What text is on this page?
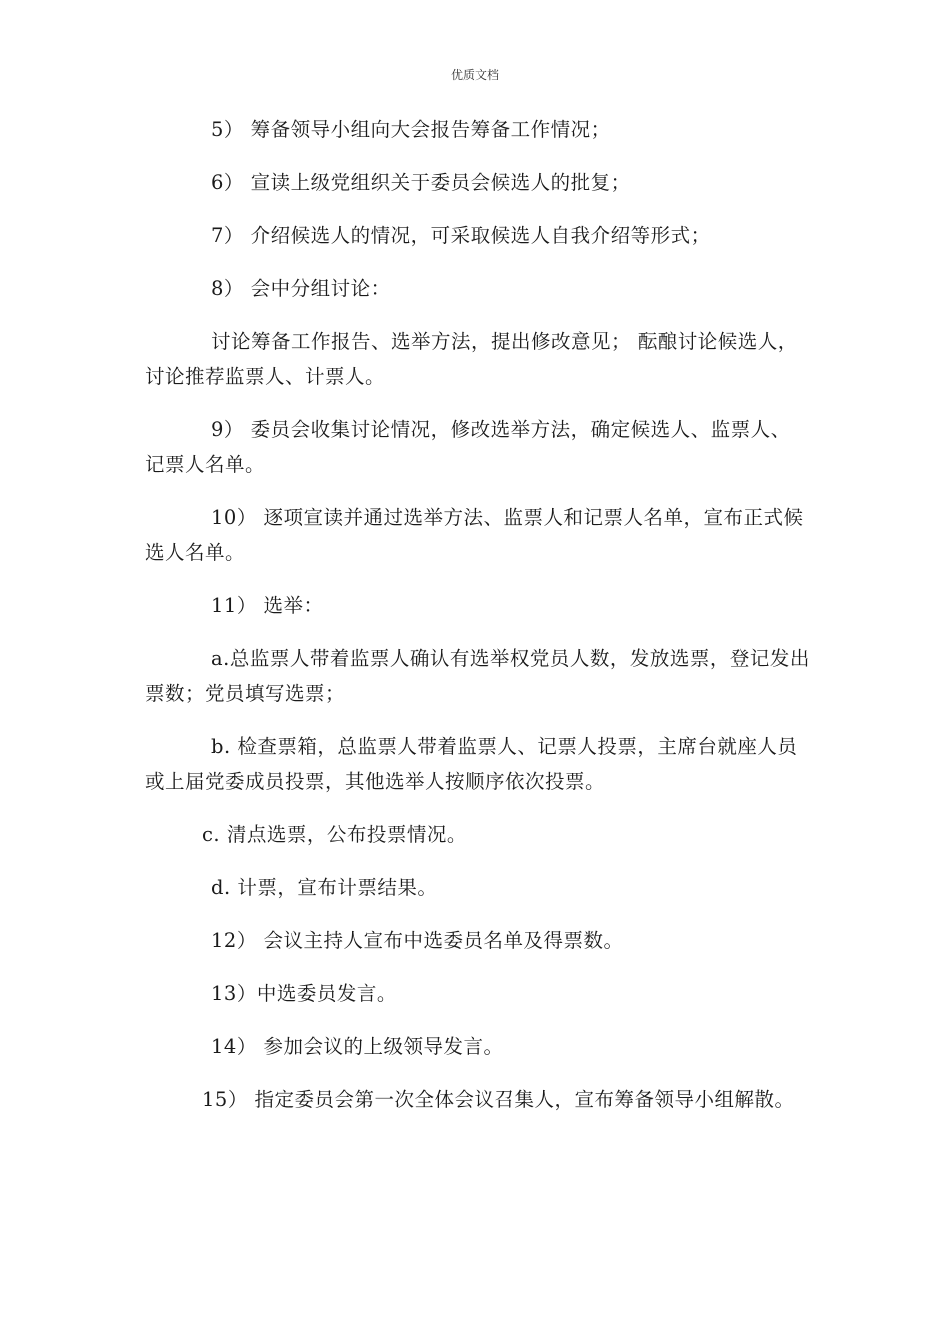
优质文档

5） 筹备领导小组向大会报告筹备工作情况；

6） 宣读上级党组织关于委员会候选人的批复；

7） 介绍候选人的情况，可采取候选人自我介绍等形式；

8） 会中分组讨论：

讨论筹备工作报告、选举方法，提出修改意见； 酝酿讨论候选人，讨论推荐监票人、计票人。

9） 委员会收集讨论情况，修改选举方法，确定候选人、监票人、记票人名单。

10） 逐项宣读并通过选举方法、监票人和记票人名单，宣布正式候选人名单。

11） 选举：

a.总监票人带着监票人确认有选举权党员人数，发放选票，登记发出票数；党员填写选票；

b. 检查票箱，总监票人带着监票人、记票人投票，主席台就座人员或上届党委成员投票，其他选举人按顺序依次投票。

c. 清点选票，公布投票情况。

d. 计票，宣布计票结果。

12） 会议主持人宣布中选委员名单及得票数。

13）中选委员发言。

14） 参加会议的上级领导发言。

15） 指定委员会第一次全体会议召集人，宣布筹备领导小组解散。
